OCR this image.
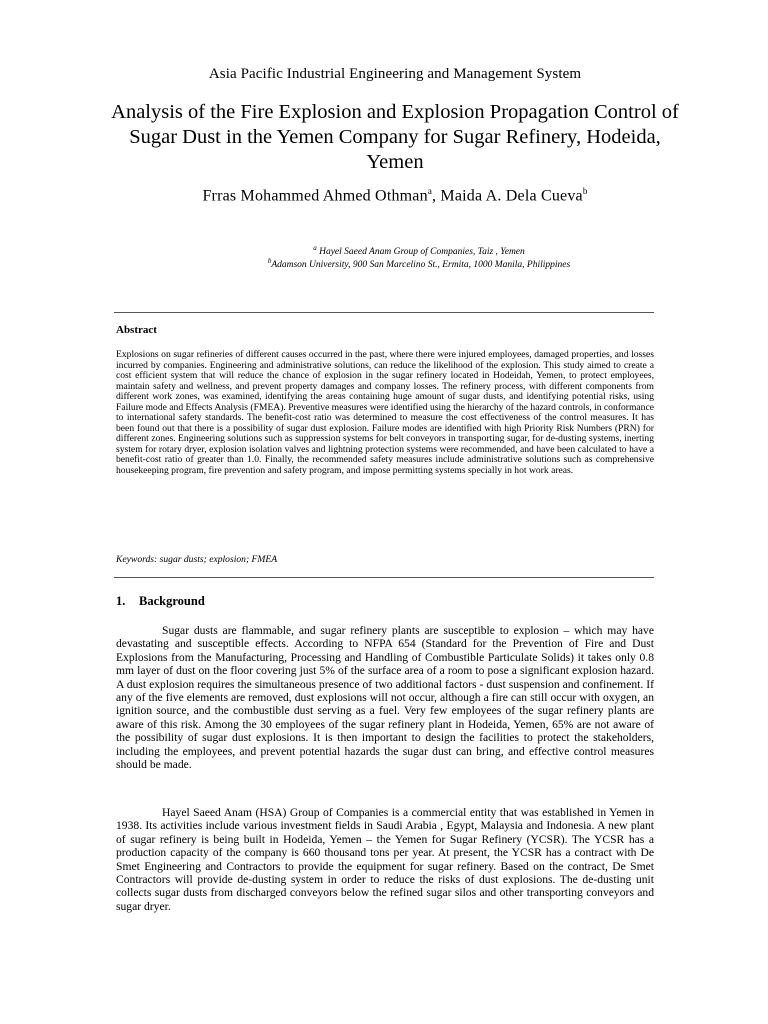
Asia Pacific Industrial Engineering and Management System
Analysis of the Fire Explosion and Explosion Propagation Control of Sugar Dust in the Yemen Company for Sugar Refinery, Hodeida, Yemen
Frras Mohammed Ahmed Othman$^a$, Maida A. Dela Cueva$^b$
$^a$ Hayel Saeed Anam Group of Companies, Taiz , Yemen
$^b$Adamson University, 900 San Marcelino St., Ermita, 1000 Manila, Philippines
Abstract
Explosions on sugar refineries of different causes occurred in the past, where there were injured employees, damaged properties, and losses incurred by companies. Engineering and administrative solutions, can reduce the likelihood of the explosion. This study aimed to create a cost efficient system that will reduce the chance of explosion in the sugar refinery located in Hodeidah, Yemen, to protect employees, maintain safety and wellness, and prevent property damages and company losses. The refinery process, with different components from different work zones, was examined, identifying the areas containing huge amount of sugar dusts, and identifying potential risks, using Failure mode and Effects Analysis (FMEA). Preventive measures were identified using the hierarchy of the hazard controls, in conformance to international safety standards. The benefit-cost ratio was determined to measure the cost effectiveness of the control measures. It has been found out that there is a possibility of sugar dust explosion. Failure modes are identified with high Priority Risk Numbers (PRN) for different zones. Engineering solutions such as suppression systems for belt conveyors in transporting sugar, for de-dusting systems, inerting system for rotary dryer, explosion isolation valves and lightning protection systems were recommended, and have been calculated to have a benefit-cost ratio of greater than 1.0. Finally, the recommended safety measures include administrative solutions such as comprehensive housekeeping program, fire prevention and safety program, and impose permitting systems specially in hot work areas.
Keywords: sugar dusts; explosion; FMEA
1. Background
Sugar dusts are flammable, and sugar refinery plants are susceptible to explosion – which may have devastating and susceptible effects. According to NFPA 654 (Standard for the Prevention of Fire and Dust Explosions from the Manufacturing, Processing and Handling of Combustible Particulate Solids) it takes only 0.8 mm layer of dust on the floor covering just 5% of the surface area of a room to pose a significant explosion hazard. A dust explosion requires the simultaneous presence of two additional factors - dust suspension and confinement. If any of the five elements are removed, dust explosions will not occur, although a fire can still occur with oxygen, an ignition source, and the combustible dust serving as a fuel. Very few employees of the sugar refinery plants are aware of this risk. Among the 30 employees of the sugar refinery plant in Hodeida, Yemen, 65% are not aware of the possibility of sugar dust explosions. It is then important to design the facilities to protect the stakeholders, including the employees, and prevent potential hazards the sugar dust can bring, and effective control measures should be made.
Hayel Saeed Anam (HSA) Group of Companies is a commercial entity that was established in Yemen in 1938. Its activities include various investment fields in Saudi Arabia , Egypt, Malaysia and Indonesia. A new plant of sugar refinery is being built in Hodeida, Yemen – the Yemen for Sugar Refinery (YCSR). The YCSR has a production capacity of the company is 660 thousand tons per year. At present, the YCSR has a contract with De Smet Engineering and Contractors to provide the equipment for sugar refinery. Based on the contract, De Smet Contractors will provide de-dusting system in order to reduce the risks of dust explosions. The de-dusting unit collects sugar dusts from discharged conveyors below the refined sugar silos and other transporting conveyors and sugar dryer.
